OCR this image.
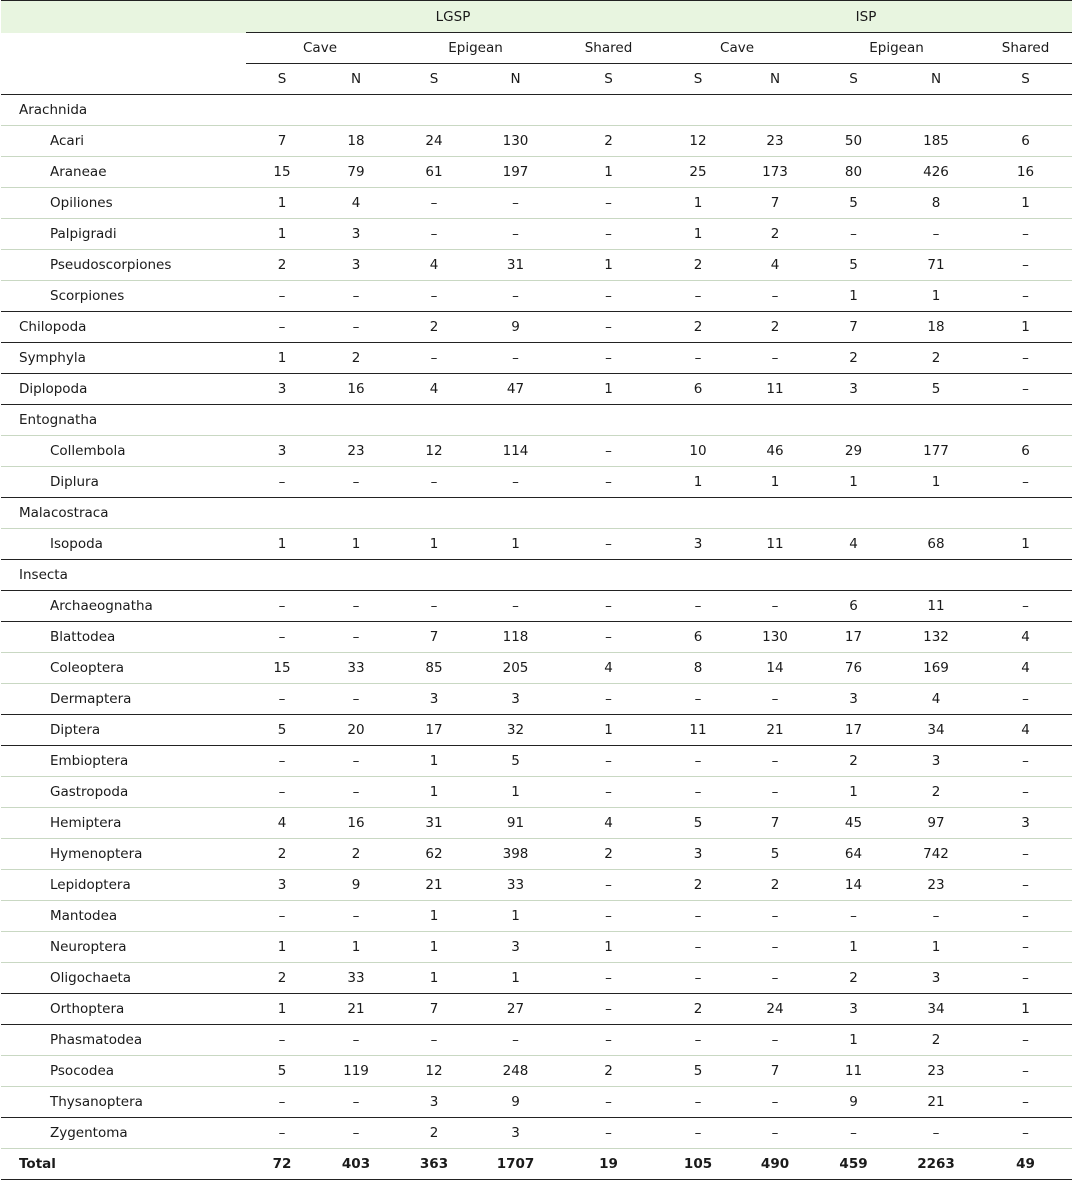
	LGSP					ISP				
	Cave		Epigean		Shared	Cave		Epigean		Shared
	S	N	S	N	S	S	N	S	N	S
Arachnida										
Acari	7	18	24	130	2	12	23	50	185	6
Araneae	15	79	61	197	1	25	173	80	426	16
Opiliones	1	4	–	–	–	1	7	5	8	1
Palpigradi	1	3	–	–	–	1	2	–	–	–
Pseudoscorpiones	2	3	4	31	1	2	4	5	71	–
Scorpiones	–	–	–	–	–	–	–	1	1	–
Chilopoda	–	–	2	9	–	2	2	7	18	1
Symphyla	1	2	–	–	–	–	–	2	2	–
Diplopoda	3	16	4	47	1	6	11	3	5	–
Entognatha										
Collembola	3	23	12	114	–	10	46	29	177	6
Diplura	–	–	–	–	–	1	1	1	1	–
Malacostraca										
Isopoda	1	1	1	1	–	3	11	4	68	1
Insecta										
Archaeognatha	–	–	–	–	–	–	–	6	11	–
Blattodea	–	–	7	118	–	6	130	17	132	4
Coleoptera	15	33	85	205	4	8	14	76	169	4
Dermaptera	–	–	3	3	–	–	–	3	4	–
Diptera	5	20	17	32	1	11	21	17	34	4
Embioptera	–	–	1	5	–	–	–	2	3	–
Gastropoda	–	–	1	1	–	–	–	1	2	–
Hemiptera	4	16	31	91	4	5	7	45	97	3
Hymenoptera	2	2	62	398	2	3	5	64	742	–
Lepidoptera	3	9	21	33	–	2	2	14	23	–
Mantodea	–	–	1	1	–	–	–	–	–	–
Neuroptera	1	1	1	3	1	–	–	1	1	–
Oligochaeta	2	33	1	1	–	–	–	2	3	–
Orthoptera	1	21	7	27	–	2	24	3	34	1
Phasmatodea	–	–	–	–	–	–	–	1	2	–
Psocodea	5	119	12	248	2	5	7	11	23	–
Thysanoptera	–	–	3	9	–	–	–	9	21	–
Zygentoma	–	–	2	3	–	–	–	–	–	–
Total	72	403	363	1707	19	105	490	459	2263	49
